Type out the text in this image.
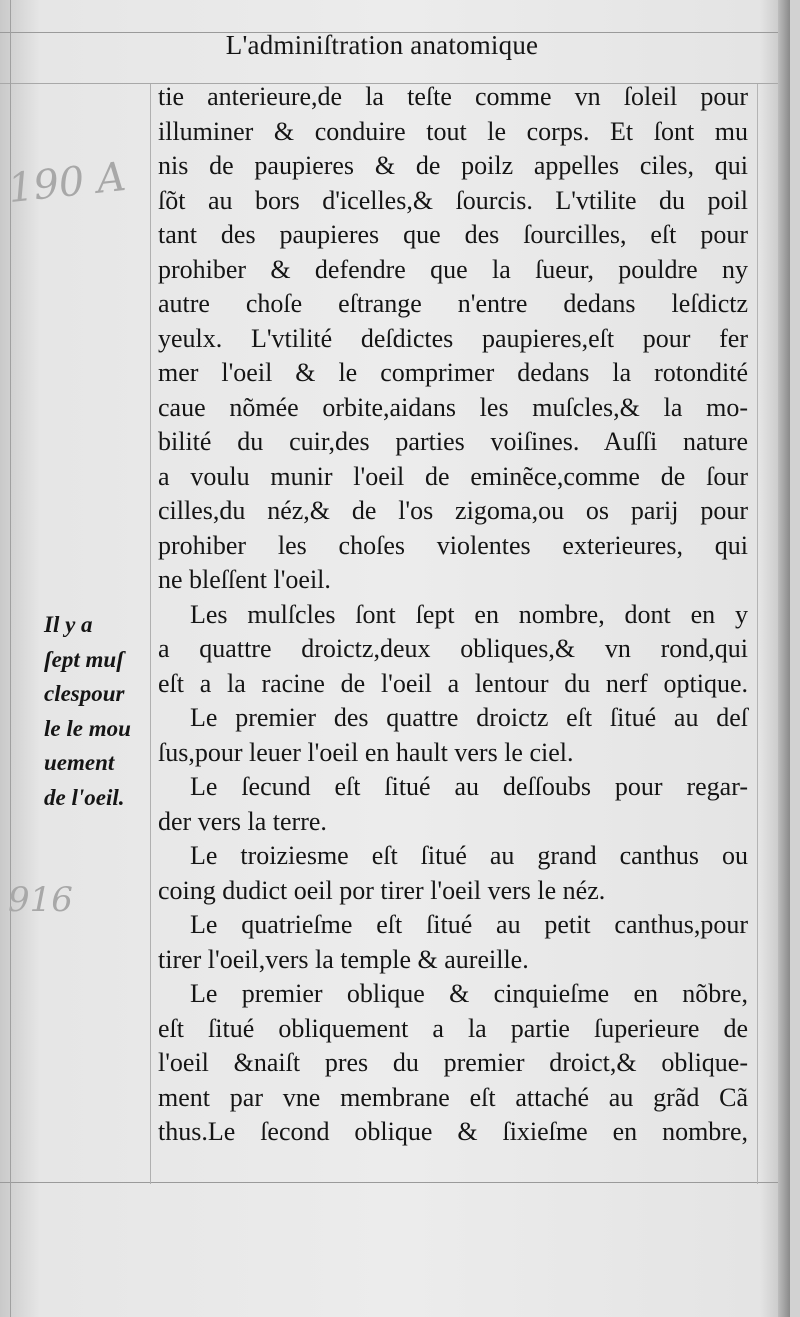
190 A
916
L'adminiſtration anatomique
Il y a
ſept muſ
clespour
le le mou
uement
de l'oeil.
tie anterieure,de la teſte comme vn ſoleil pour
illuminer & conduire tout le corps. Et ſont mu
nis de paupieres & de poilz appelles ciles, qui
ſõt au bors d'icelles,& ſourcis. L'vtilite du poil
tant des paupieres que des ſourcilles, eſt pour
prohiber & defendre que la ſueur, pouldre ny
autre choſe eſtrange n'entre dedans leſdictz
yeulx. L'vtilité deſdictes paupieres,eſt pour fer
mer l'oeil & le comprimer dedans la rotondité
caue nõmée orbite,aidans les muſcles,& la mo-
bilité du cuir,des parties voiſines. Auſſi nature
a voulu munir l'oeil de eminẽce,comme de ſour
cilles,du néz,& de l'os zigoma,ou os parij pour
prohiber les choſes violentes exterieures, qui
ne bleſſent l'oeil.
Les mulſcles ſont ſept en nombre, dont en y
a quattre droictz,deux obliques,& vn rond,qui
eſt a la racine de l'oeil a lentour du nerf optique.
Le premier des quattre droictz eſt ſitué au deſ
ſus,pour leuer l'oeil en hault vers le ciel.
Le ſecund eſt ſitué au deſſoubs pour regar-
der vers la terre.
Le troiziesme eſt ſitué au grand canthus ou
coing dudict oeil por tirer l'oeil vers le néz.
Le quatrieſme eſt ſitué au petit canthus,pour
tirer l'oeil,vers la temple & aureille.
Le premier oblique & cinquieſme en nõbre,
eſt ſitué obliquement a la partie ſuperieure de
l'oeil &naiſt pres du premier droict,& oblique-
ment par vne membrane eſt attaché au grãd Cã
thus.Le ſecond oblique & ſixieſme en nombre,
